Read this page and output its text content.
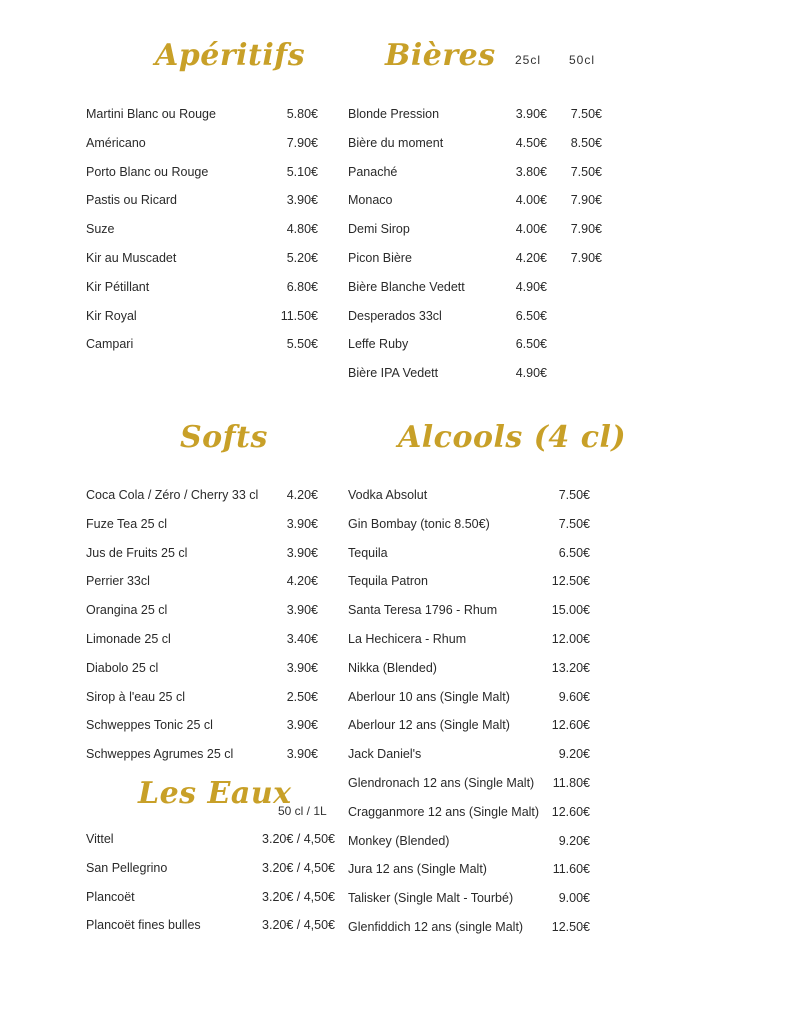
Apéritifs	Bières 25cl 50cl
Softs	Alcools (4 cl)
Les Eaux
50 cl / 1L
Martini Blanc ou Rouge	5.80€
Américano	7.90€
Porto Blanc ou Rouge	5.10€
Pastis ou Ricard	3.90€
Suze	4.80€
Kir au Muscadet	5.20€
Kir Pétillant	6.80€
Kir Royal	11.50€
Campari	5.50€
Blonde Pression	3.90€ 7.50€
Bière du moment	4.50€ 8.50€
Panaché	3.80€ 7.50€
Monaco	4.00€ 7.90€
Demi Sirop	4.00€ 7.90€
Picon Bière	4.20€ 7.90€
Bière Blanche Vedett	4.90€
Desperados 33cl	6.50€
Leffe Ruby	6.50€
Bière IPA Vedett	4.90€
Coca Cola / Zéro / Cherry 33 cl 4.20€
Fuze Tea 25 cl	3.90€
Jus de Fruits 25 cl	3.90€
Perrier 33cl	4.20€
Orangina 25 cl	3.90€
Limonade 25 cl	3.40€
Diabolo 25 cl	3.90€
Sirop à l'eau 25 cl	2.50€
Schweppes Tonic 25 cl	3.90€
Schweppes Agrumes 25 cl	3.90€
Vittel	3.20€ / 4,50€
San Pellegrino	3.20€ / 4,50€
Plancoët	3.20€ / 4,50€
Plancoët fines bulles	3.20€ / 4,50€
Vodka Absolut	7.50€
Gin Bombay (tonic 8.50€)	7.50€
Tequila	6.50€
Tequila Patron	12.50€
Santa Teresa 1796 - Rhum	15.00€
La Hechicera - Rhum	12.00€
Nikka (Blended)	13.20€
Aberlour 10 ans (Single Malt)	9.60€
Aberlour 12 ans (Single Malt)	12.60€
Jack Daniel's	9.20€
Glendronach 12 ans (Single Malt) 11.80€
Cragganmore 12 ans (Single Malt) 12.60€
Monkey (Blended)	9.20€
Jura 12 ans (Single Malt)	11.60€
Talisker (Single Malt - Tourbé)	9.00€
Glenfiddich 12 ans (single Malt) 12.50€
